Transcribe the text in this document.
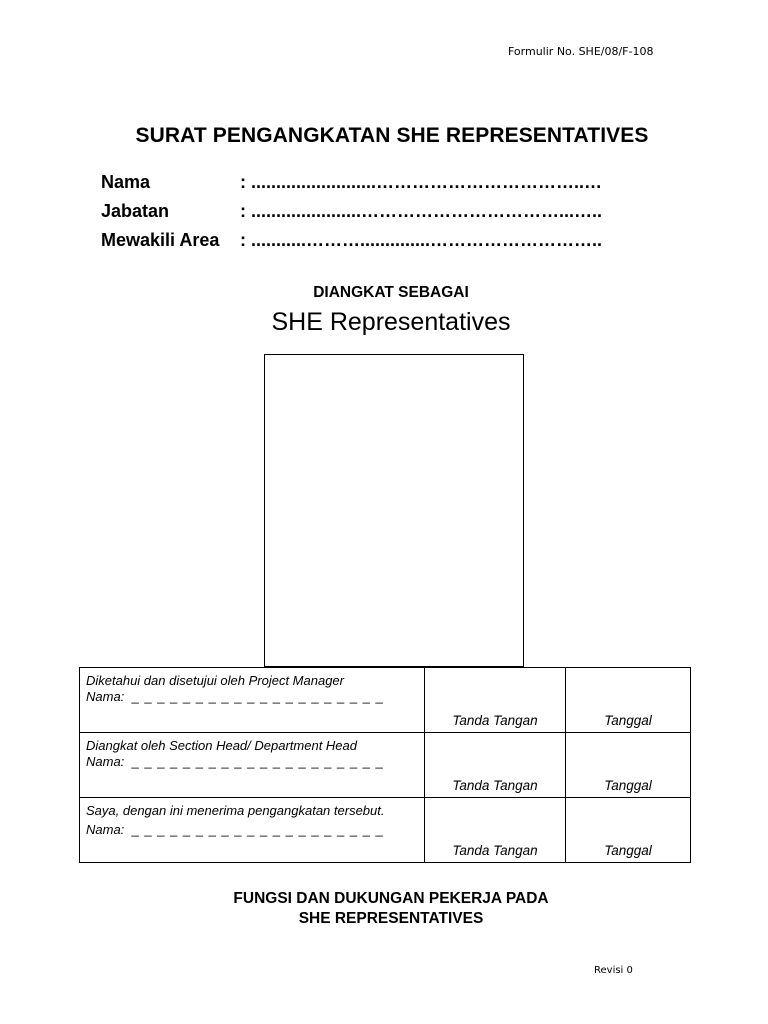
Formulir No. SHE/08/F-108
SURAT PENGANGKATAN SHE REPRESENTATIVES
Nama	: .........................……………………………..…
Jabatan	: ......................……………………………...…..
Mewakili Area : ...........………..............………………………..
DIANGKAT SEBAGAI
SHE Representatives
Diketahui dan disetujui oleh Project Manager
Nama: _ _ _ _ _ _ _ _ _ _ _ _ _ _ _ _ _ _ _ _	Tanda Tangan	Tanggal

Diangkat oleh Section Head/ Department Head
Nama: _ _ _ _ _ _ _ _ _ _ _ _ _ _ _ _ _ _ _ _	Tanda Tangan	Tanggal

Saya, dengan ini menerima pengangkatan tersebut.
Nama: _ _ _ _ _ _ _ _ _ _ _ _ _ _ _ _ _ _ _ _	Tanda Tangan	Tanggal
FUNGSI DAN DUKUNGAN PEKERJA PADA
SHE REPRESENTATIVES
Revisi 0
